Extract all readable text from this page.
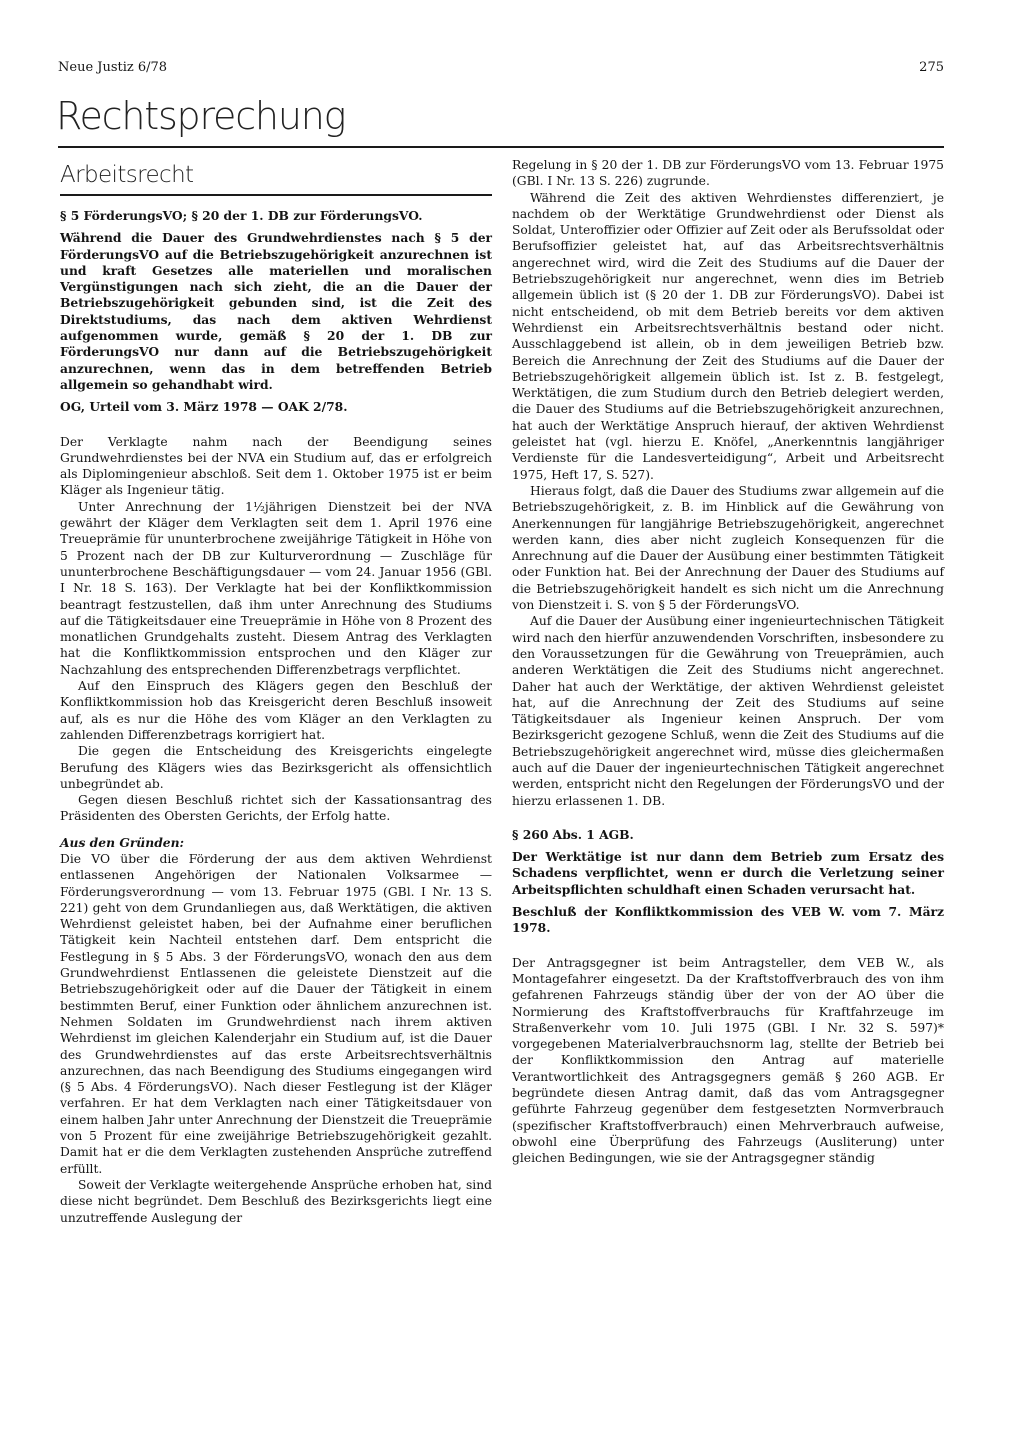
Neue Justiz 6/78	275
Rechtsprechung
Arbeitsrecht

§ 5 FörderungsVO; § 20 der 1. DB zur FörderungsVO.

Während die Dauer des Grundwehrdienstes nach § 5 der FörderungsVO auf die Betriebszugehörigkeit anzurechnen ist und kraft Gesetzes alle materiellen und moralischen Vergünstigungen nach sich zieht, die an die Dauer der Betriebszugehörigkeit gebunden sind, ist die Zeit des Direktstudiums, das nach dem aktiven Wehrdienst aufgenommen wurde, gemäß § 20 der 1. DB zur FörderungsVO nur dann auf die Betriebszugehörigkeit anzurechnen, wenn das in dem betreffenden Betrieb allgemein so gehandhabt wird.

OG, Urteil vom 3. März 1978 — OAK 2/78.

Der Verklagte nahm nach der Beendigung seines Grundwehrdienstes bei der NVA ein Studium auf, das er erfolgreich als Diplomingenieur abschloß. Seit dem 1. Oktober 1975 ist er beim Kläger als Ingenieur tätig.

Unter Anrechnung der 1½jährigen Dienstzeit bei der NVA gewährt der Kläger dem Verklagten seit dem 1. April 1976 eine Treueprämie für ununterbrochene zweijährige Tätigkeit in Höhe von 5 Prozent nach der DB zur Kulturverordnung — Zuschläge für ununterbrochene Beschäftigungsdauer — vom 24. Januar 1956 (GBl. I Nr. 18 S. 163). Der Verklagte hat bei der Konfliktkommission beantragt festzustellen, daß ihm unter Anrechnung des Studiums auf die Tätigkeitsdauer eine Treueprämie in Höhe von 8 Prozent des monatlichen Grundgehalts zusteht. Diesem Antrag des Verklagten hat die Konfliktkommission entsprochen und den Kläger zur Nachzahlung des entsprechenden Differenzbetrags verpflichtet.

Auf den Einspruch des Klägers gegen den Beschluß der Konfliktkommission hob das Kreisgericht deren Beschluß insoweit auf, als es nur die Höhe des vom Kläger an den Verklagten zu zahlenden Differenzbetrags korrigiert hat.

Die gegen die Entscheidung des Kreisgerichts eingelegte Berufung des Klägers wies das Bezirksgericht als offensichtlich unbegründet ab.

Gegen diesen Beschluß richtet sich der Kassationsantrag des Präsidenten des Obersten Gerichts, der Erfolg hatte.

Aus den Gründen:

Die VO über die Förderung der aus dem aktiven Wehrdienst entlassenen Angehörigen der Nationalen Volksarmee — Förderungsverordnung — vom 13. Februar 1975 (GBl. I Nr. 13 S. 221) geht von dem Grundanliegen aus, daß Werktätigen, die aktiven Wehrdienst geleistet haben, bei der Aufnahme einer beruflichen Tätigkeit kein Nachteil entstehen darf. Dem entspricht die Festlegung in § 5 Abs. 3 der FörderungsVO, wonach den aus dem Grundwehrdienst Entlassenen die geleistete Dienstzeit auf die Betriebszugehörigkeit oder auf die Dauer der Tätigkeit in einem bestimmten Beruf, einer Funktion oder ähnlichem anzurechnen ist. Nehmen Soldaten im Grundwehrdienst nach ihrem aktiven Wehrdienst im gleichen Kalenderjahr ein Studium auf, ist die Dauer des Grundwehrdienstes auf das erste Arbeitsrechtsverhältnis anzurechnen, das nach Beendigung des Studiums eingegangen wird (§ 5 Abs. 4 FörderungsVO). Nach dieser Festlegung ist der Kläger verfahren. Er hat dem Verklagten nach einer Tätigkeitsdauer von einem halben Jahr unter Anrechnung der Dienstzeit die Treueprämie von 5 Prozent für eine zweijährige Betriebszugehörigkeit gezahlt. Damit hat er die dem Verklagten zustehenden Ansprüche zutreffend erfüllt.

Soweit der Verklagte weitergehende Ansprüche erhoben hat, sind diese nicht begründet. Dem Beschluß des Bezirksgerichts liegt eine unzutreffende Auslegung der

Regelung in § 20 der 1. DB zur FörderungsVO vom 13. Februar 1975 (GBl. I Nr. 13 S. 226) zugrunde.

Während die Zeit des aktiven Wehrdienstes differenziert, je nachdem ob der Werktätige Grundwehrdienst oder Dienst als Soldat, Unteroffizier oder Offizier auf Zeit oder als Berufssoldat oder Berufsoffizier geleistet hat, auf das Arbeitsrechtsverhältnis angerechnet wird, wird die Zeit des Studiums auf die Dauer der Betriebszugehörigkeit nur angerechnet, wenn dies im Betrieb allgemein üblich ist (§ 20 der 1. DB zur FörderungsVO). Dabei ist nicht entscheidend, ob mit dem Betrieb bereits vor dem aktiven Wehrdienst ein Arbeitsrechtsverhältnis bestand oder nicht. Ausschlaggebend ist allein, ob in dem jeweiligen Betrieb bzw. Bereich die Anrechnung der Zeit des Studiums auf die Dauer der Betriebszugehörigkeit allgemein üblich ist. Ist z. B. festgelegt, Werktätigen, die zum Studium durch den Betrieb delegiert werden, die Dauer des Studiums auf die Betriebszugehörigkeit anzurechnen, hat auch der Werktätige Anspruch hierauf, der aktiven Wehrdienst geleistet hat (vgl. hierzu E. Knöfel, „Anerkenntnis langjähriger Verdienste für die Landesverteidigung“, Arbeit und Arbeitsrecht 1975, Heft 17, S. 527).

Hieraus folgt, daß die Dauer des Studiums zwar allgemein auf die Betriebszugehörigkeit, z. B. im Hinblick auf die Gewährung von Anerkennungen für langjährige Betriebszugehörigkeit, angerechnet werden kann, dies aber nicht zugleich Konsequenzen für die Anrechnung auf die Dauer der Ausübung einer bestimmten Tätigkeit oder Funktion hat. Bei der Anrechnung der Dauer des Studiums auf die Betriebszugehörigkeit handelt es sich nicht um die Anrechnung von Dienstzeit i. S. von § 5 der FörderungsVO.

Auf die Dauer der Ausübung einer ingenieurtechnischen Tätigkeit wird nach den hierfür anzuwendenden Vorschriften, insbesondere zu den Voraussetzungen für die Gewährung von Treueprämien, auch anderen Werktätigen die Zeit des Studiums nicht angerechnet. Daher hat auch der Werktätige, der aktiven Wehrdienst geleistet hat, auf die Anrechnung der Zeit des Studiums auf seine Tätigkeitsdauer als Ingenieur keinen Anspruch. Der vom Bezirksgericht gezogene Schluß, wenn die Zeit des Studiums auf die Betriebszugehörigkeit angerechnet wird, müsse dies gleichermaßen auch auf die Dauer der ingenieurtechnischen Tätigkeit angerechnet werden, entspricht nicht den Regelungen der FörderungsVO und der hierzu erlassenen 1. DB.

§ 260 Abs. 1 AGB.

Der Werktätige ist nur dann dem Betrieb zum Ersatz des Schadens verpflichtet, wenn er durch die Verletzung seiner Arbeitspflichten schuldhaft einen Schaden verursacht hat.

Beschluß der Konfliktkommission des VEB W. vom 7. März 1978.

Der Antragsgegner ist beim Antragsteller, dem VEB W., als Montagefahrer eingesetzt. Da der Kraftstoffverbrauch des von ihm gefahrenen Fahrzeugs ständig über der von der AO über die Normierung des Kraftstoffverbrauchs für Kraftfahrzeuge im Straßenverkehr vom 10. Juli 1975 (GBl. I Nr. 32 S. 597)* vorgegebenen Materialverbrauchsnorm lag, stellte der Betrieb bei der Konfliktkommission den Antrag auf materielle Verantwortlichkeit des Antragsgegners gemäß § 260 AGB. Er begründete diesen Antrag damit, daß das vom Antragsgegner geführte Fahrzeug gegenüber dem festgesetzten Normverbrauch (spezifischer Kraftstoffverbrauch) einen Mehrverbrauch aufweise, obwohl eine Überprüfung des Fahrzeugs (Ausliterung) unter gleichen Bedingungen, wie sie der Antragsgegner ständig
